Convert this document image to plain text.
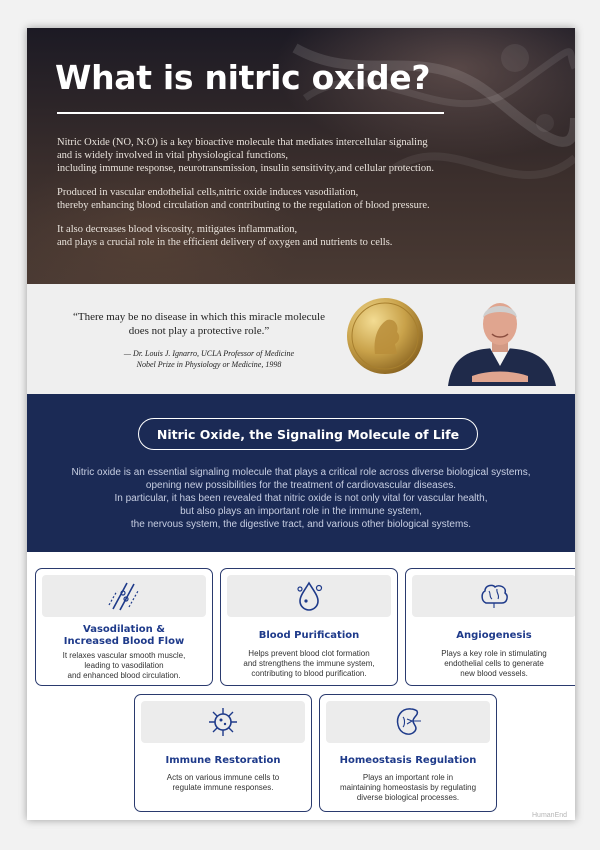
What is nitric oxide?

Nitric Oxide (NO, N:O) is a key bioactive molecule that mediates intercellular signaling
and is widely involved in vital physiological functions,
including immune response, neurotransmission, insulin sensitivity,and cellular protection.

Produced in vascular endothelial cells,nitric oxide induces vasodilation,
thereby enhancing blood circulation and contributing to the regulation of blood pressure.

It also decreases blood viscosity, mitigates inflammation,
and plays a crucial role in the efficient delivery of oxygen and nutrients to cells.

“There may be no disease in which this miracle molecule
does not play a protective role.”
— Dr. Louis J. Ignarro, UCLA Professor of Medicine
Nobel Prize in Physiology or Medicine, 1998
Nitric Oxide, the Signaling Molecule of Life

Nitric oxide is an essential signaling molecule that plays a critical role across diverse biological systems,
opening new possibilities for the treatment of cardiovascular diseases.
In particular, it has been revealed that nitric oxide is not only vital for vascular health,
but also plays an important role in the immune system,
the nervous system, the digestive tract, and various other biological systems.

Vasodilation &
Increased Blood Flow
It relaxes vascular smooth muscle,
leading to vasodilation
and enhanced blood circulation.
Blood Purification
Helps prevent blood clot formation
and strengthens the immune system,
contributing to blood purification.
Angiogenesis
Plays a key role in stimulating
endothelial cells to generate
new blood vessels.
Immune Restoration
Acts on various immune cells to
regulate immune responses.
Homeostasis Regulation
Plays an important role in
maintaining homeostasis by regulating
diverse biological processes.
HumanEnd
